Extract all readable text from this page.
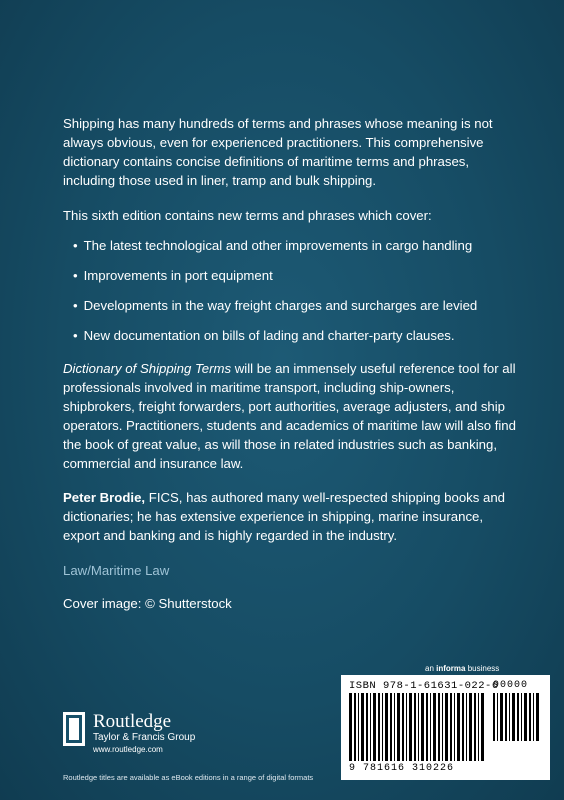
Shipping has many hundreds of terms and phrases whose meaning is not always obvious, even for experienced practitioners. This comprehensive dictionary contains concise definitions of maritime terms and phrases, including those used in liner, tramp and bulk shipping.

This sixth edition contains new terms and phrases which cover:

• The latest technological and other improvements in cargo handling
• Improvements in port equipment
• Developments in the way freight charges and surcharges are levied
• New documentation on bills of lading and charter-party clauses.

Dictionary of Shipping Terms will be an immensely useful reference tool for all professionals involved in maritime transport, including ship-owners, shipbrokers, freight forwarders, port authorities, average adjusters, and ship operators. Practitioners, students and academics of maritime law will also find the book of great value, as will those in related industries such as banking, commercial and insurance law.

Peter Brodie, FICS, has authored many well-respected shipping books and dictionaries; he has extensive experience in shipping, marine insurance, export and banking and is highly regarded in the industry.

Law/Maritime Law

Cover image: © Shutterstock

an informa business
ISBN 978-1-61631-022-6
9 781616 310226
Routledge
Taylor & Francis Group
www.routledge.com
Routledge titles are available as eBook editions in a range of digital formats
90000
